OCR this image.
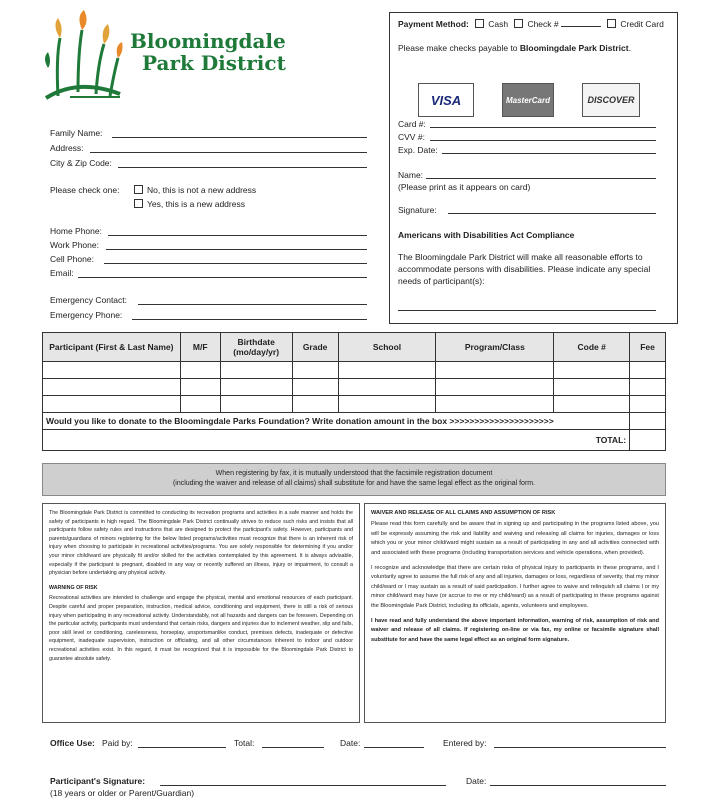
Bloomingdale
Park District
Family Name:
Address:
City & Zip Code:
Please check one:	No, this is not a new address
Yes, this is a new address
Home Phone:
Work Phone:
Cell Phone:
Email:
Emergency Contact:
Emergency Phone:
Payment Method: Cash Check #	Credit Card
Please make checks payable to Bloomingdale Park District.
VISA	MasterCard	DISCOVER
Card #:
CVV #:
Exp. Date:
Name:
(Please print as it appears on card)
Signature:
Americans with Disabilities Act Compliance
The Bloomingdale Park District will make all reasonable efforts to accommodate persons with disabilities. Please indicate any special needs of participant(s):
Participant (First & Last Name)	M/F	Birthdate (mo/day/yr)	Grade	School	Program/Class	Code #	Fee

Would you like to donate to the Bloomingdale Parks Foundation? Write donation amount in the box >>>>>>>>>>>>>>>>>>>>>							
TOTAL:							
When registering by fax, it is mutually understood that the facsimile registration document
(including the waiver and release of all claims) shall substitute for and have the same legal effect as the original form.

The Bloomingdale Park District is committed to conducting its recreation programs and activities in a safe manner and holds the safety of participants in high regard. The Bloomingdale Park District continually strives to reduce such risks and insists that all participants follow safety rules and instructions that are designed to protect the participant's safety. However, participants and parents/guardians of minors registering for the below listed programs/activities must recognize that there is an inherent risk of injury when choosing to participate in recreational activities/programs. You are solely responsible for determining if you and/or your minor child/ward are physically fit and/or skilled for the activities contemplated by this agreement. It is always advisable, especially if the participant is pregnant, disabled in any way or recently suffered an illness, injury or impairment, to consult a physician before undertaking any physical activity.

WARNING OF RISK

Recreational activities are intended to challenge and engage the physical, mental and emotional resources of each participant. Despite careful and proper preparation, instruction, medical advice, conditioning and equipment, there is still a risk of serious injury when participating in any recreational activity. Understandably, not all hazards and dangers can be foreseen. Depending on the particular activity, participants must understand that certain risks, dangers and injuries due to inclement weather, slip and falls, poor skill level or conditioning, carelessness, horseplay, unsportsmanlike conduct, premises defects, inadequate or defective equipment, inadequate supervision, instruction or officiating, and all other circumstances inherent to indoor and outdoor recreational activities exist. In this regard, it must be recognized that it is impossible for the Bloomingdale Park District to guarantee absolute safety.

WAIVER AND RELEASE OF ALL CLAIMS AND ASSUMPTION OF RISK

Please read this form carefully and be aware that in signing up and participating in the programs listed above, you will be expressly assuming the risk and liability and waiving and releasing all claims for injuries, damages or loss which you or your minor child/ward might sustain as a result of participating in any and all activities connected with and associated with these programs (including transportation services and vehicle operations, when provided).

I recognize and acknowledge that there are certain risks of physical injury to participants in these programs, and I voluntarily agree to assume the full risk of any and all injuries, damages or loss, regardless of severity, that my minor child/ward or I may sustain as a result of said participation. I further agree to waive and relinquish all claims I or my minor child/ward may have (or accrue to me or my child/ward) as a result of participating in these programs against the Bloomingdale Park District, including its officials, agents, volunteers and employees.

I have read and fully understand the above important information, warning of risk, assumption of risk and waiver and release of all claims. If registering on-line or via fax, my online or facsimile signature shall substitute for and have the same legal effect as an original form signature.

Office Use: Paid by:	Total:	Date:	Entered by:
Participant's Signature:
(18 years or older or Parent/Guardian)
Date:
